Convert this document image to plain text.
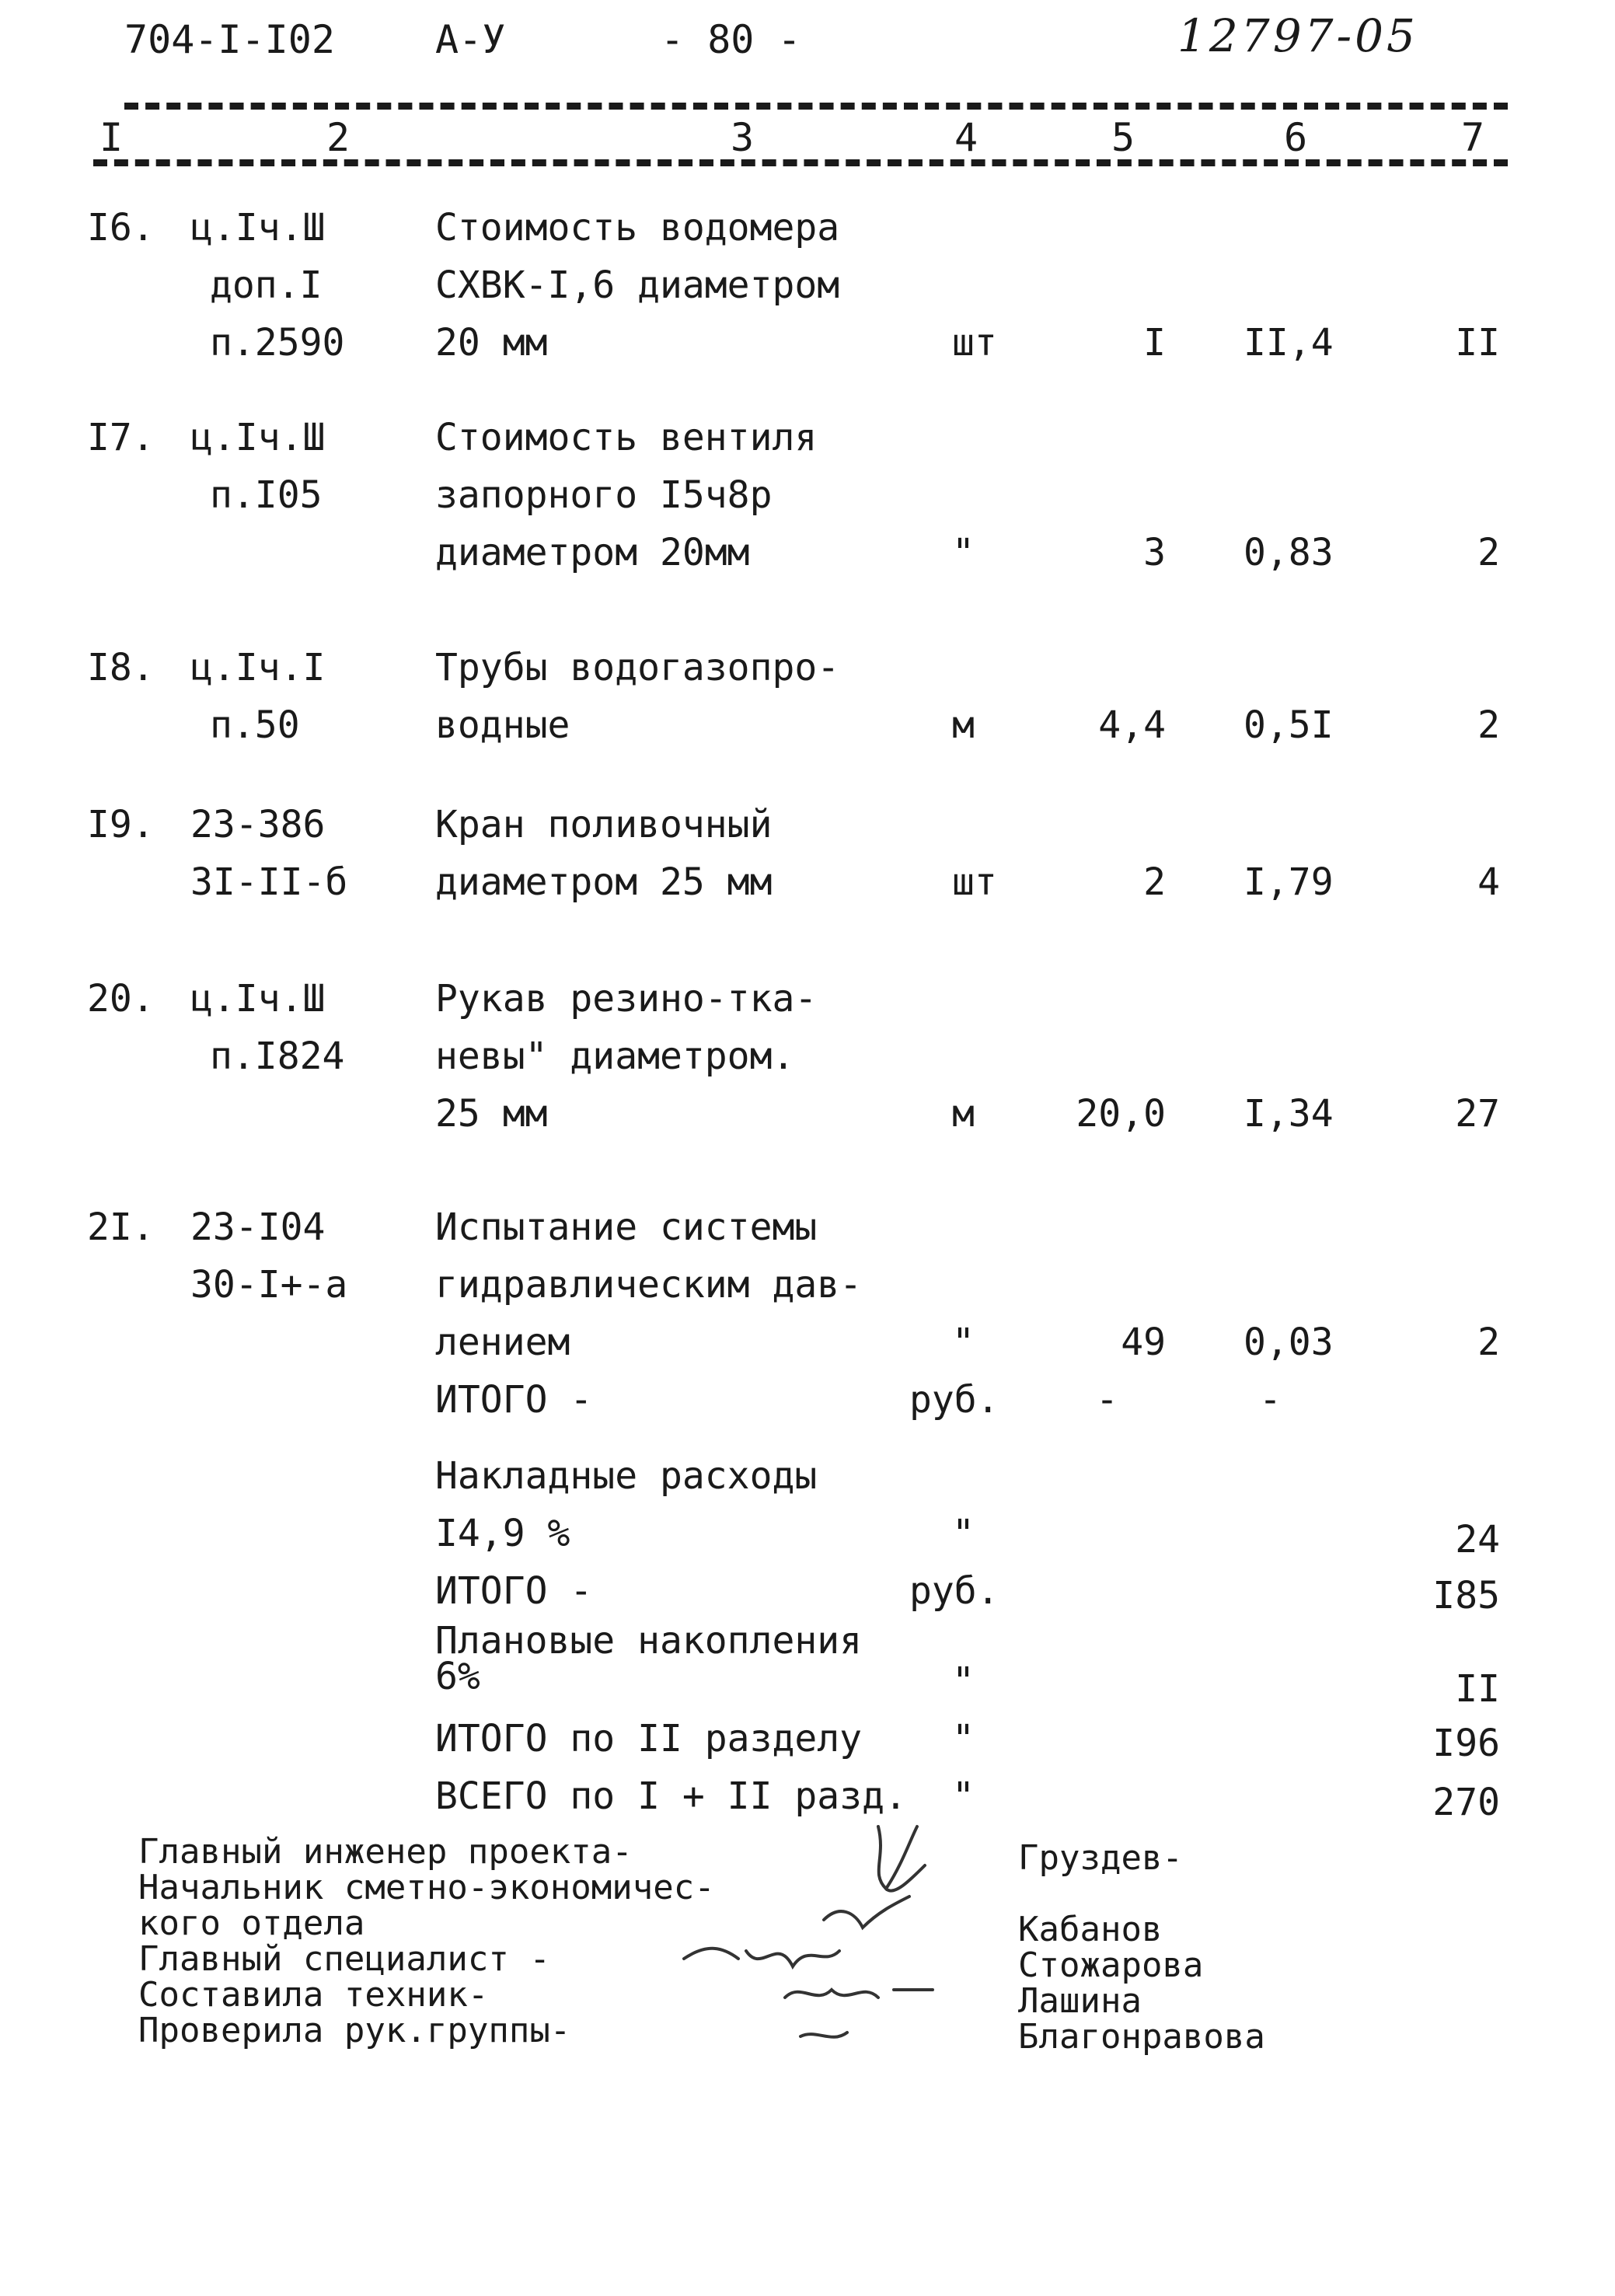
704-I-I02	А-У	- 80 -	12797-05
I	2	3	4	5	6	7
I6. ц.Iч.Ш
доп.I
п.2590
Стоимость водомера
СХВК-I,6 диаметром
20 мм	шт	I II,4	II
I7. ц.Iч.Ш
п.I05
Стоимость вентиля
запорного I5ч8р
диаметром 20мм	"	3 0,83	2
I8. ц.Iч.I
п.50
Трубы водогазопро-
водные	м	4,4 0,5I	2
I9. 23-386
3I-II-б
Кран поливочный
диаметром 25 мм	шт	2 I,79	4
20. ц.Iч.Ш
п.I824
Рукав резино-тка-
невы" диаметром.
25 мм	м	20,0 I,34	27
2I. 23-I04
30-I+-а
Испытание системы
гидравлическим дав-
лением	"	49 0,03	2
ИТОГО -	руб.	-	-
Накладные расходы
I4,9 %	"	24
ИТОГО -	руб.	I85
Плановые накопления
6%	"	II
ИТОГО по II разделу "	I96
ВСЕГО по I + II разд. "	270
Главный инженер проекта-
Начальник сметно-экономичес-
кого отдела
Главный специалист -
Составила техник-
Проверила рук.группы-
Груздев-
Кабанов
Стожарова
Лашина
Благонравова
